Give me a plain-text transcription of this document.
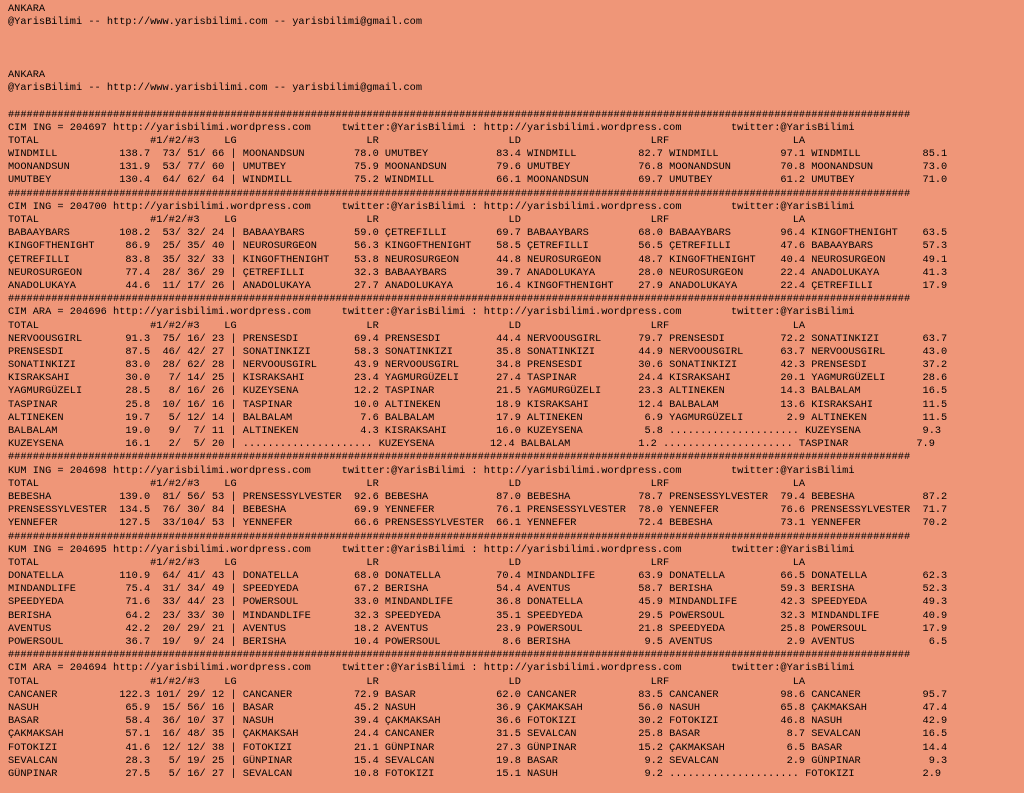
ANKARA
@YarisBilimi -- http://www.yarisbilimi.com -- yarisbilimi@gmail.com
ANKARA
@YarisBilimi -- http://www.yarisbilimi.com -- yarisbilimi@gmail.com
##################################################################################################################################################
CIM ING = 204697 http://yarisbilimi.wordpress.com     twitter:@YarisBilimi : http://yarisbilimi.wordpress.com        twitter:@YarisBilimi
TOTAL                  #1/#2/#3    LG                     LR                     LD                     LRF                    LA
WINDMILL          138.7  73/ 51/ 66 | MOONANDSUN        78.0 UMUTBEY           83.4 WINDMILL          82.7 WINDMILL          97.1 WINDMILL          85.1
MOONANDSUN        131.9  53/ 77/ 60 | UMUTBEY           75.9 MOONANDSUN        79.6 UMUTBEY           76.8 MOONANDSUN        70.8 MOONANDSUN        73.0
UMUTBEY           130.4  64/ 62/ 64 | WINDMILL          75.2 WINDMILL          66.1 MOONANDSUN        69.7 UMUTBEY           61.2 UMUTBEY           71.0
##################################################################################################################################################
CIM ING = 204700 http://yarisbilimi.wordpress.com     twitter:@YarisBilimi : http://yarisbilimi.wordpress.com        twitter:@YarisBilimi
TOTAL                  #1/#2/#3    LG                     LR                     LD                     LRF                    LA
BABAAYBARS        108.2  53/ 32/ 24 | BABAAYBARS        59.0 ÇETREFILLI        69.7 BABAAYBARS        68.0 BABAAYBARS        96.4 KINGOFTHENIGHT    63.5
KINGOFTHENIGHT     86.9  25/ 35/ 40 | NEUROSURGEON      56.3 KINGOFTHENIGHT    58.5 ÇETREFILLI        56.5 ÇETREFILLI        47.6 BABAAYBARS        57.3
ÇETREFILLI         83.8  35/ 32/ 33 | KINGOFTHENIGHT    53.8 NEUROSURGEON      44.8 NEUROSURGEON      48.7 KINGOFTHENIGHT    40.4 NEUROSURGEON      49.1
NEUROSURGEON       77.4  28/ 36/ 29 | ÇETREFILLI        32.3 BABAAYBARS        39.7 ANADOLUKAYA       28.0 NEUROSURGEON      22.4 ANADOLUKAYA       41.3
ANADOLUKAYA        44.6  11/ 17/ 26 | ANADOLUKAYA       27.7 ANADOLUKAYA       16.4 KINGOFTHENIGHT    27.9 ANADOLUKAYA       22.4 ÇETREFILLI        17.9
##################################################################################################################################################
CIM ARA = 204696 http://yarisbilimi.wordpress.com     twitter:@YarisBilimi : http://yarisbilimi.wordpress.com        twitter:@YarisBilimi
TOTAL                  #1/#2/#3    LG                     LR                     LD                     LRF                    LA
NERVOOUSGIRL       91.3  75/ 16/ 23 | PRENSESDI         69.4 PRENSESDI         44.4 NERVOOUSGIRL      79.7 PRENSESDI         72.2 SONATINKIZI       63.7
PRENSESDI          87.5  46/ 42/ 27 | SONATINKIZI       58.3 SONATINKIZI       35.8 SONATINKIZI       44.9 NERVOOUSGIRL      63.7 NERVOOUSGIRL      43.0
SONATINKIZI        83.0  28/ 62/ 28 | NERVOOUSGIRL      43.9 NERVOOUSGIRL      34.8 PRENSESDI         30.6 SONATINKIZI       42.3 PRENSESDI         37.2
KISRAKSAHI         30.0   7/ 14/ 25 | KISRAKSAHI        23.4 YAGMURGÜZELI      27.4 TASPINAR          24.4 KISRAKSAHI        20.1 YAGMURGÜZELI      28.6
YAGMURGÜZELI       28.5   8/ 16/ 26 | KUZEYSENA         12.2 TASPINAR          21.5 YAGMURGÜZELI      23.3 ALTINEKEN         14.3 BALBALAM          16.5
TASPINAR           25.8  10/ 16/ 16 | TASPINAR          10.0 ALTINEKEN         18.9 KISRAKSAHI        12.4 BALBALAM          13.6 KISRAKSAHI        11.5
ALTINEKEN          19.7   5/ 12/ 14 | BALBALAM           7.6 BALBALAM          17.9 ALTINEKEN          6.9 YAGMURGÜZELI       2.9 ALTINEKEN         11.5
BALBALAM           19.0   9/  7/ 11 | ALTINEKEN          4.3 KISRAKSAHI        16.0 KUZEYSENA          5.8 ..................... KUZEYSENA          9.3
KUZEYSENA          16.1   2/  5/ 20 | ..................... KUZEYSENA         12.4 BALBALAM           1.2 ..................... TASPINAR           7.9
##################################################################################################################################################
KUM ING = 204698 http://yarisbilimi.wordpress.com     twitter:@YarisBilimi : http://yarisbilimi.wordpress.com        twitter:@YarisBilimi
TOTAL                  #1/#2/#3    LG                     LR                     LD                     LRF                    LA
BEBESHA           139.0  81/ 56/ 53 | PRENSESSYLVESTER  92.6 BEBESHA           87.0 BEBESHA           78.7 PRENSESSYLVESTER  79.4 BEBESHA           87.2
PRENSESSYLVESTER  134.5  76/ 30/ 84 | BEBESHA           69.9 YENNEFER          76.1 PRENSESSYLVESTER  78.0 YENNEFER          76.6 PRENSESSYLVESTER  71.7
YENNEFER          127.5  33/104/ 53 | YENNEFER          66.6 PRENSESSYLVESTER  66.1 YENNEFER          72.4 BEBESHA           73.1 YENNEFER          70.2
##################################################################################################################################################
KUM ING = 204695 http://yarisbilimi.wordpress.com     twitter:@YarisBilimi : http://yarisbilimi.wordpress.com        twitter:@YarisBilimi
TOTAL                  #1/#2/#3    LG                     LR                     LD                     LRF                    LA
DONATELLA         110.9  64/ 41/ 43 | DONATELLA         68.0 DONATELLA         70.4 MINDANDLIFE       63.9 DONATELLA         66.5 DONATELLA         62.3
MINDANDLIFE        75.4  31/ 34/ 49 | SPEEDYEDA         67.2 BERISHA           54.4 AVENTUS           58.7 BERISHA           59.3 BERISHA           52.3
SPEEDYEDA          71.6  33/ 44/ 23 | POWERSOUL         33.0 MINDANDLIFE       36.8 DONATELLA         45.9 MINDANDLIFE       42.3 SPEEDYEDA         49.3
BERISHA            64.2  23/ 33/ 30 | MINDANDLIFE       32.3 SPEEDYEDA         35.1 SPEEDYEDA         29.5 POWERSOUL         32.3 MINDANDLIFE       40.9
AVENTUS            42.2  20/ 29/ 21 | AVENTUS           18.2 AVENTUS           23.9 POWERSOUL         21.8 SPEEDYEDA         25.8 POWERSOUL         17.9
POWERSOUL          36.7  19/  9/ 24 | BERISHA           10.4 POWERSOUL          8.6 BERISHA            9.5 AVENTUS            2.9 AVENTUS            6.5
##################################################################################################################################################
CIM ARA = 204694 http://yarisbilimi.wordpress.com     twitter:@YarisBilimi : http://yarisbilimi.wordpress.com        twitter:@YarisBilimi
TOTAL                  #1/#2/#3    LG                     LR                     LD                     LRF                    LA
CANCANER          122.3 101/ 29/ 12 | CANCANER          72.9 BASAR             62.0 CANCANER          83.5 CANCANER          98.6 CANCANER          95.7
NASUH              65.9  15/ 56/ 16 | BASAR             45.2 NASUH             36.9 ÇAKMAKSAH         56.0 NASUH             65.8 ÇAKMAKSAH         47.4
BASAR              58.4  36/ 10/ 37 | NASUH             39.4 ÇAKMAKSAH         36.6 FOTOKIZI          30.2 FOTOKIZI          46.8 NASUH             42.9
ÇAKMAKSAH          57.1  16/ 48/ 35 | ÇAKMAKSAH         24.4 CANCANER          31.5 SEVALCAN          25.8 BASAR              8.7 SEVALCAN          16.5
FOTOKIZI           41.6  12/ 12/ 38 | FOTOKIZI          21.1 GÜNPINAR          27.3 GÜNPINAR          15.2 ÇAKMAKSAH          6.5 BASAR             14.4
SEVALCAN           28.3   5/ 19/ 25 | GÜNPINAR          15.4 SEVALCAN          19.8 BASAR              9.2 SEVALCAN           2.9 GÜNPINAR           9.3
GÜNPINAR           27.5   5/ 16/ 27 | SEVALCAN          10.8 FOTOKIZI          15.1 NASUH              9.2 ..................... FOTOKIZI           2.9
